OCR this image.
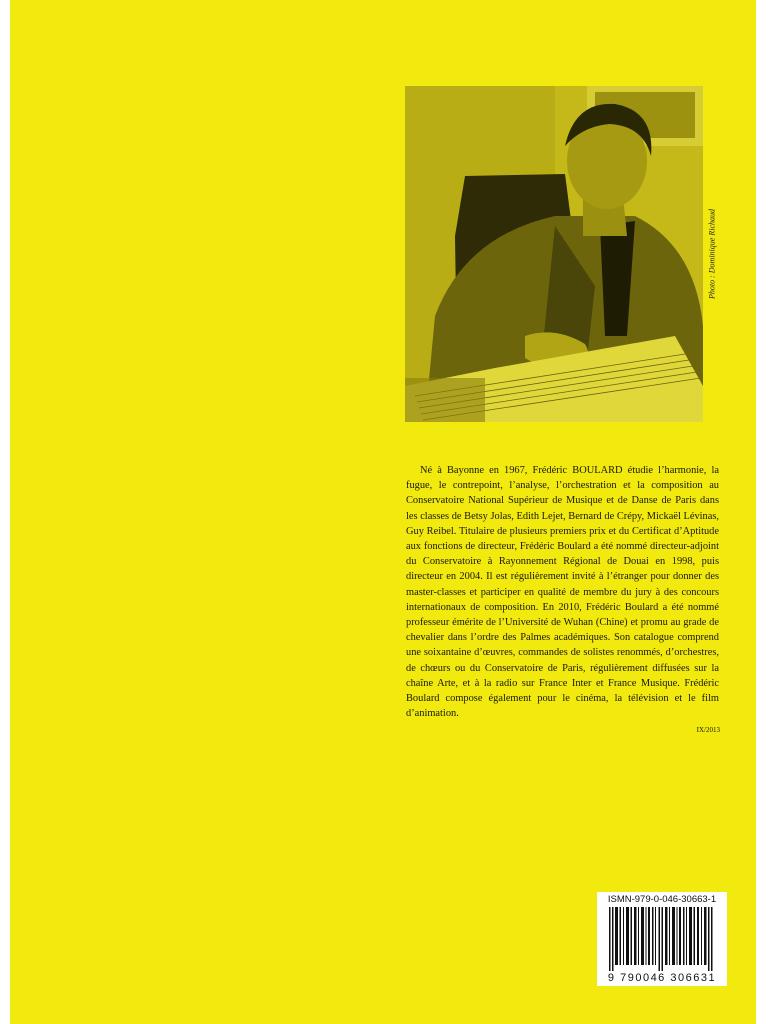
Photo : Dominique Richaud

Né à Bayonne en 1967, Frédéric BOULARD étudie l’harmonie, la fugue, le contrepoint, l’analyse, l’orchestration et la composition au Conservatoire National Supérieur de Musique et de Danse de Paris dans les classes de Betsy Jolas, Edith Lejet, Bernard de Crépy, Mickaël Lévinas, Guy Reibel. Titulaire de plusieurs premiers prix et du Certificat d’Aptitude aux fonctions de directeur, Frédéric Boulard a été nommé directeur-adjoint du Conservatoire à Rayonnement Régional de Douai en 1998, puis directeur en 2004. Il est régulièrement invité à l’étranger pour donner des master-classes et participer en qualité de membre du jury à des concours internationaux de composition. En 2010, Frédéric Boulard a été nommé professeur émérite de l’Université de Wuhan (Chine) et promu au grade de chevalier dans l’ordre des Palmes académiques. Son catalogue comprend une soixantaine d’œuvres, commandes de solistes renommés, d’orchestres, de chœurs ou du Conservatoire de Paris, régulièrement diffusées sur la chaîne Arte, et à la radio sur France Inter et France Musique. Frédéric Boulard compose également pour le cinéma, la télévision et le film d’animation.

IX/2013
ISMN-979-0-046-30663-1
9 790046 306631
